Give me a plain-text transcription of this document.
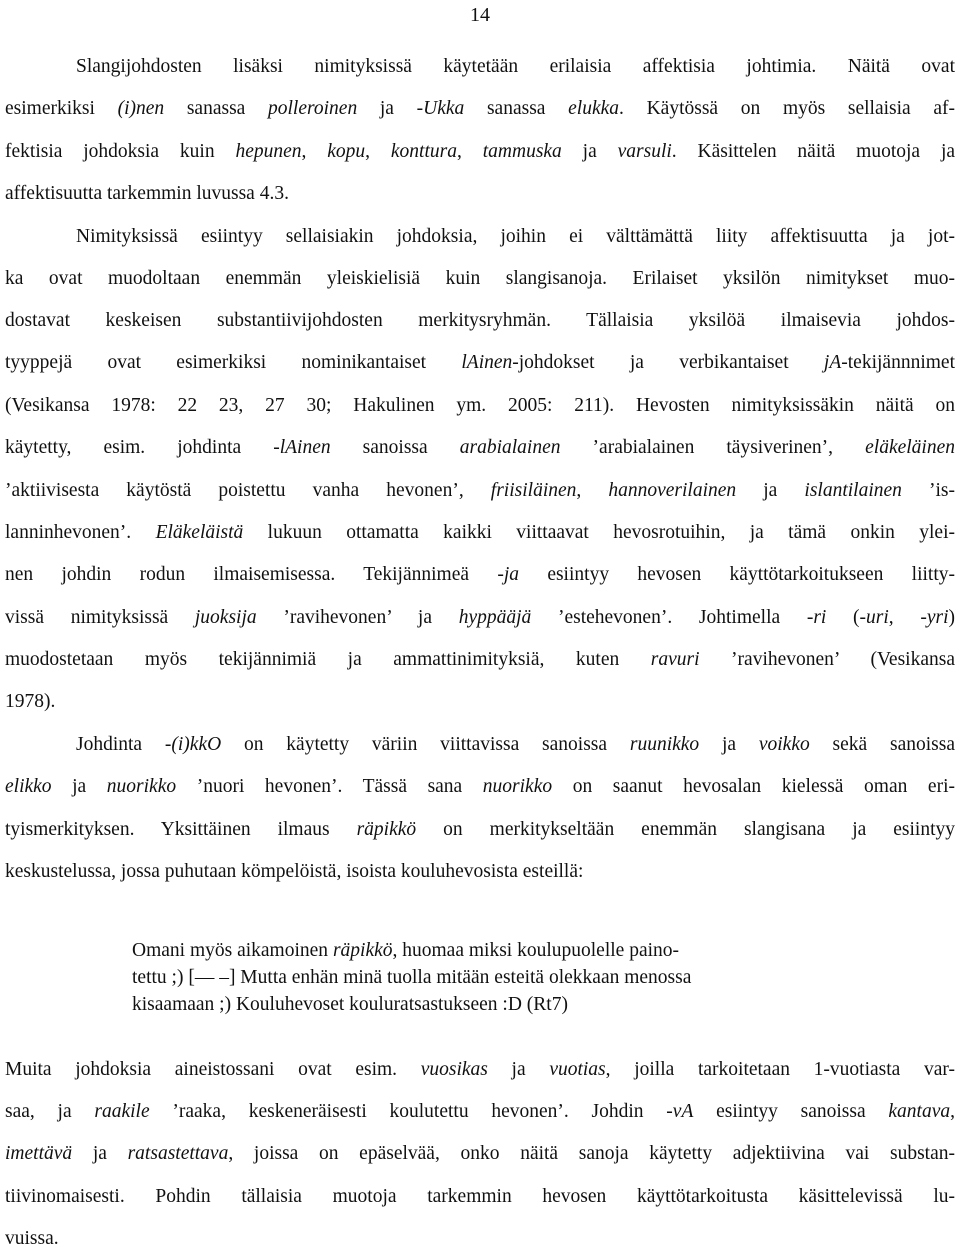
14
Slangijohdosten lisäksi nimityksissä käytetään erilaisia affektisia johtimia. Näitä ovat
esimerkiksi (i)nen sanassa polleroinen ja -Ukka sanassa elukka. Käytössä on myös sellaisia af-
fektisia johdoksia kuin hepunen, kopu, konttura, tammuska ja varsuli. Käsittelen näitä muotoja ja
affektisuutta tarkemmin luvussa 4.3.
Nimityksissä esiintyy sellaisiakin johdoksia, joihin ei välttämättä liity affektisuutta ja jot-
ka ovat muodoltaan enemmän yleiskielisiä kuin slangisanoja. Erilaiset yksilön nimitykset muo-
dostavat keskeisen substantiivijohdosten merkitysryhmän. Tällaisia yksilöä ilmaisevia johdos-
tyyppejä ovat esimerkiksi nominikantaiset lAinen-johdokset ja verbikantaiset jA-tekijännnimet
(Vesikansa 1978: 22 23, 27 30; Hakulinen ym. 2005: 211). Hevosten nimityksissäkin näitä on
käytetty, esim. johdinta -lAinen sanoissa arabialainen ’arabialainen täysiverinen’, eläkeläinen
’aktiivisesta käytöstä poistettu vanha hevonen’, friisiläinen, hannoverilainen ja islantilainen ’is-
lanninhevonen’. Eläkeläistä lukuun ottamatta kaikki viittaavat hevosrotuihin, ja tämä onkin ylei-
nen johdin rodun ilmaisemisessa. Tekijännimeä -ja esiintyy hevosen käyttötarkoitukseen liitty-
vissä nimityksissä juoksija ’ravihevonen’ ja hyppääjä ’estehevonen’. Johtimella -ri (-uri, -yri)
muodostetaan myös tekijännimiä ja ammattinimityksiä, kuten ravuri ’ravihevonen’ (Vesikansa
1978).
Johdinta -(i)kkO on käytetty väriin viittavissa sanoissa ruunikko ja voikko sekä sanoissa
elikko ja nuorikko ’nuori hevonen’. Tässä sana nuorikko on saanut hevosalan kielessä oman eri-
tyismerkityksen. Yksittäinen ilmaus räpikkö on merkitykseltään enemmän slangisana ja esiintyy
keskustelussa, jossa puhutaan kömpelöistä, isoista kouluhevosista esteillä:
Omani myös aikamoinen räpikkö, huomaa miksi koulupuolelle paino-
tettu ;) [— –] Mutta enhän minä tuolla mitään esteitä olekkaan menossa
kisaamaan ;) Kouluhevoset kouluratsastukseen :D (Rt7)
Muita johdoksia aineistossani ovat esim. vuosikas ja vuotias, joilla tarkoitetaan 1-vuotiasta var-
saa, ja raakile ’raaka, keskeneräisesti koulutettu hevonen’. Johdin -vA esiintyy sanoissa kantava,
imettävä ja ratsastettava, joissa on epäselvää, onko näitä sanoja käytetty adjektiivina vai substan-
tiivinomaisesti. Pohdin tällaisia muotoja tarkemmin hevosen käyttötarkoitusta käsittelevissä lu-
vuissa.
